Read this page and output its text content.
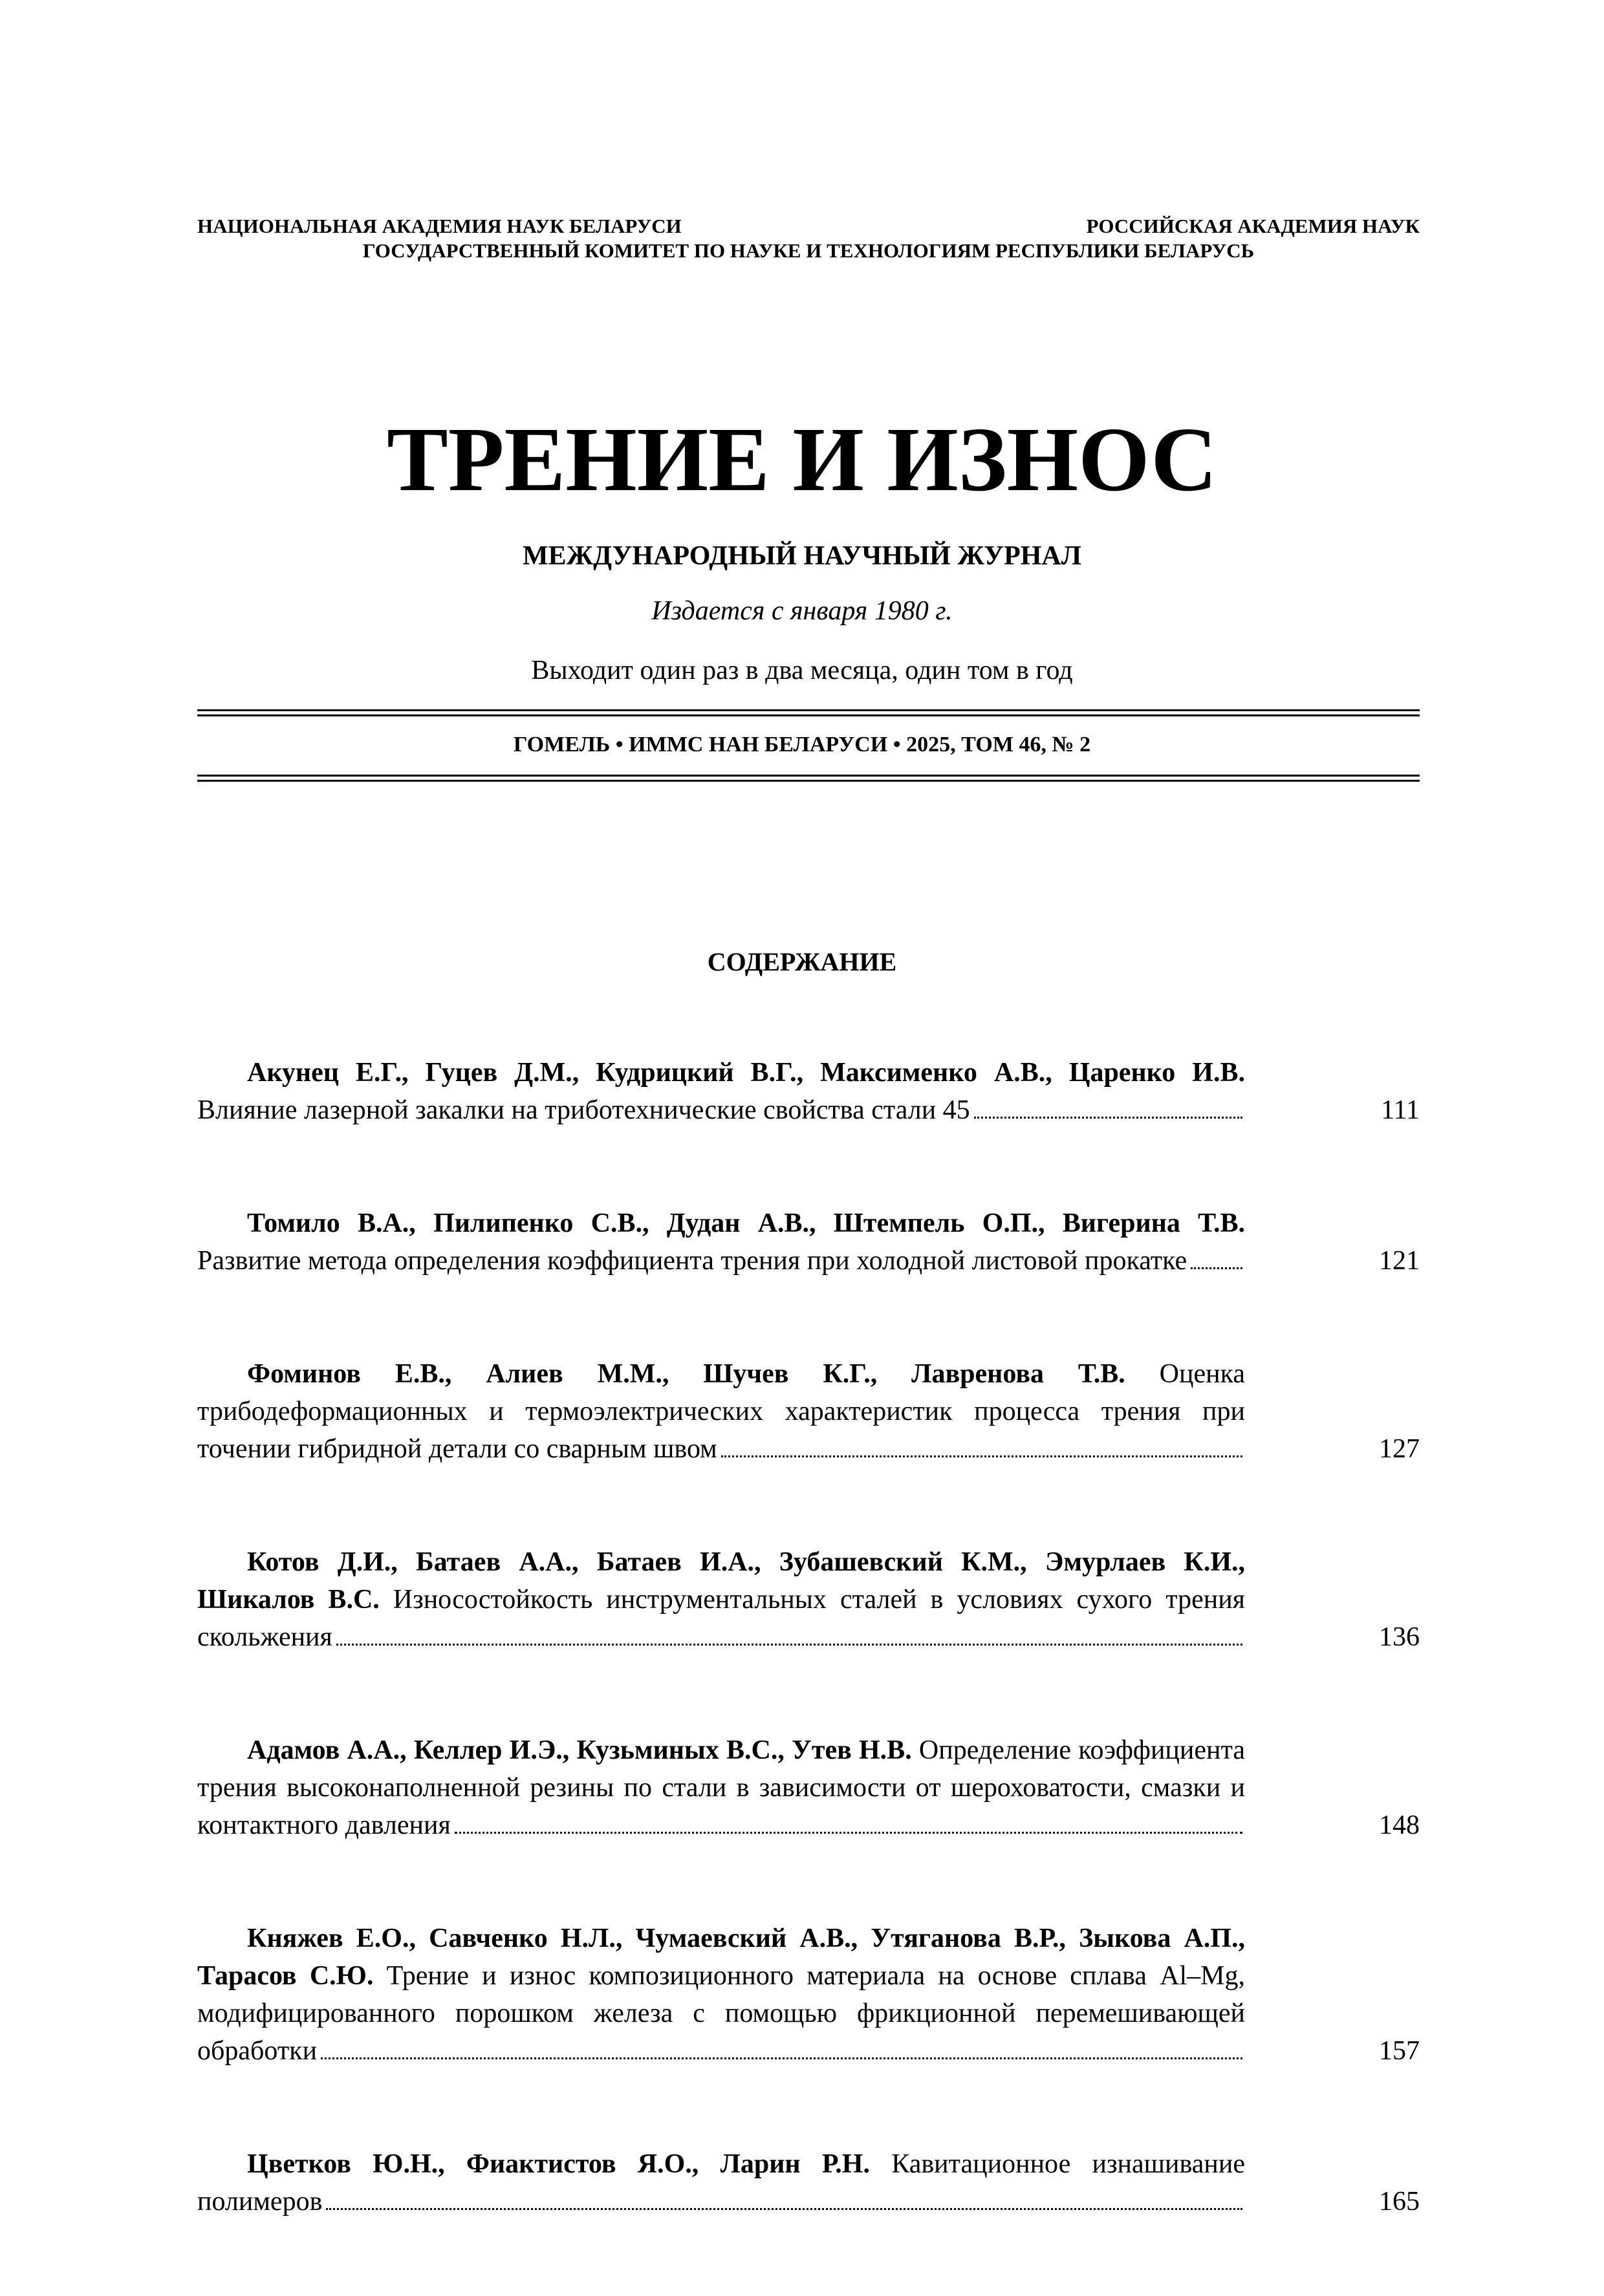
НАЦИОНАЛЬНАЯ АКАДЕМИЯ НАУК БЕЛАРУСИ	РОССИЙСКАЯ АКАДЕМИЯ НАУК
ГОСУДАРСТВЕННЫЙ КОМИТЕТ ПО НАУКЕ И ТЕХНОЛОГИЯМ РЕСПУБЛИКИ БЕЛАРУСЬ
ТРЕНИЕ И ИЗНОС
МЕЖДУНАРОДНЫЙ НАУЧНЫЙ ЖУРНАЛ
Издается с января 1980 г.
Выходит один раз в два месяца, один том в год
ГОМЕЛЬ • ИММС НАН БЕЛАРУСИ • 2025, ТОМ 46, № 2
СОДЕРЖАНИЕ
Акунец Е.Г., Гуцев Д.М., Кудрицкий В.Г., Максименко А.В., Царенко И.В. Влияние лазерной закалки на триботехнические свойства стали 45	111
Томило В.А., Пилипенко С.В., Дудан А.В., Штемпель О.П., Вигерина Т.В. Развитие метода определения коэффициента трения при холодной листовой прокатке	121
Фоминов Е.В., Алиев М.М., Шучев К.Г., Лавренова Т.В. Оценка трибодеформационных и термоэлектрических характеристик процесса трения при точении гибридной детали со сварным швом	127
Котов Д.И., Батаев А.А., Батаев И.А., Зубашевский К.М., Эмурлаев К.И., Шикалов В.С. Износостойкость инструментальных сталей в условиях сухого трения скольжения	136
Адамов А.А., Келлер И.Э., Кузьминых В.С., Утев Н.В. Определение коэффициента трения высоконаполненной резины по стали в зависимости от шероховатости, смазки и контактного давления	148
Княжев Е.О., Савченко Н.Л., Чумаевский А.В., Утяганова В.Р., Зыкова А.П., Тарасов С.Ю. Трение и износ композиционного материала на основе сплава Al–Mg, модифицированного порошком железа с помощью фрикционной перемешивающей обработки	157
Цветков Ю.Н., Фиактистов Я.О., Ларин Р.Н. Кавитационное изнашивание полимеров	165
